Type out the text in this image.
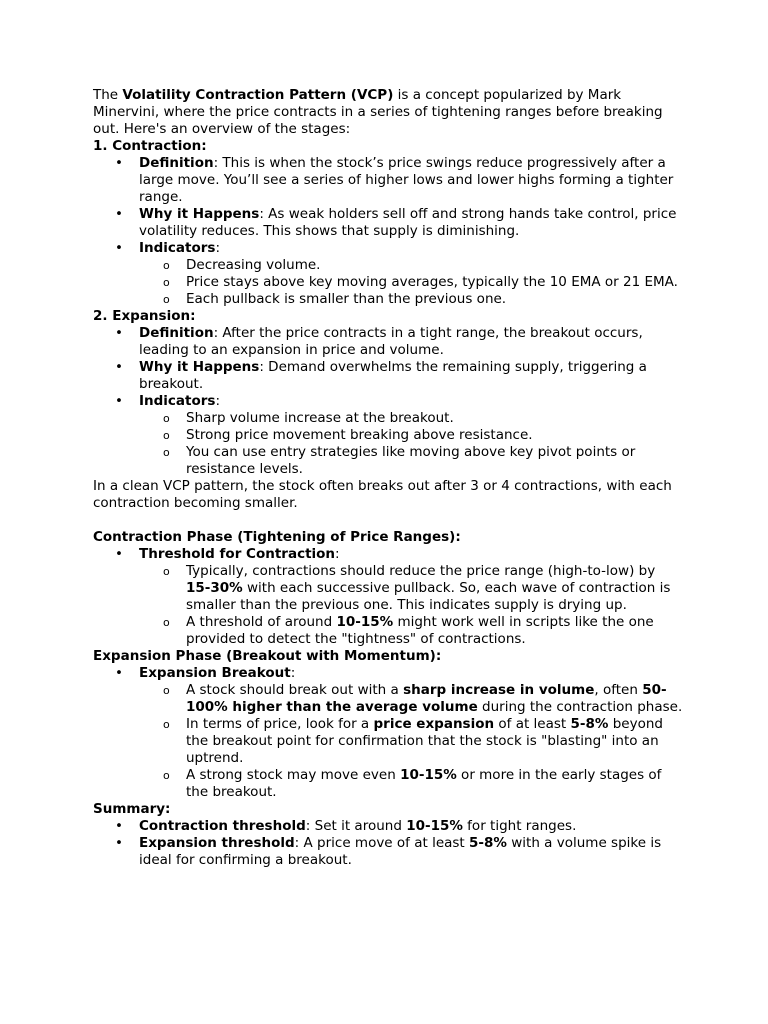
The Volatility Contraction Pattern (VCP) is a concept popularized by Mark Minervini, where the price contracts in a series of tightening ranges before breaking out. Here's an overview of the stages:

1. Contraction:

• Definition: This is when the stock’s price swings reduce progressively after a large move. You’ll see a series of higher lows and lower highs forming a tighter range.
• Why it Happens: As weak holders sell off and strong hands take control, price volatility reduces. This shows that supply is diminishing.
• Indicators:
o Decreasing volume.
o Price stays above key moving averages, typically the 10 EMA or 21 EMA.
o Each pullback is smaller than the previous one.

2. Expansion:

• Definition: After the price contracts in a tight range, the breakout occurs, leading to an expansion in price and volume.
• Why it Happens: Demand overwhelms the remaining supply, triggering a breakout.
• Indicators:
o Sharp volume increase at the breakout.
o Strong price movement breaking above resistance.
o You can use entry strategies like moving above key pivot points or resistance levels.

In a clean VCP pattern, the stock often breaks out after 3 or 4 contractions, with each contraction becoming smaller.

Contraction Phase (Tightening of Price Ranges):

• Threshold for Contraction:
o Typically, contractions should reduce the price range (high-to-low) by 15-30% with each successive pullback. So, each wave of contraction is smaller than the previous one. This indicates supply is drying up.
o A threshold of around 10-15% might work well in scripts like the one provided to detect the "tightness" of contractions.

Expansion Phase (Breakout with Momentum):

• Expansion Breakout:
o A stock should break out with a sharp increase in volume, often 50-100% higher than the average volume during the contraction phase.
o In terms of price, look for a price expansion of at least 5-8% beyond the breakout point for confirmation that the stock is "blasting" into an uptrend.
o A strong stock may move even 10-15% or more in the early stages of the breakout.

Summary:

• Contraction threshold: Set it around 10-15% for tight ranges.
• Expansion threshold: A price move of at least 5-8% with a volume spike is ideal for confirming a breakout.
